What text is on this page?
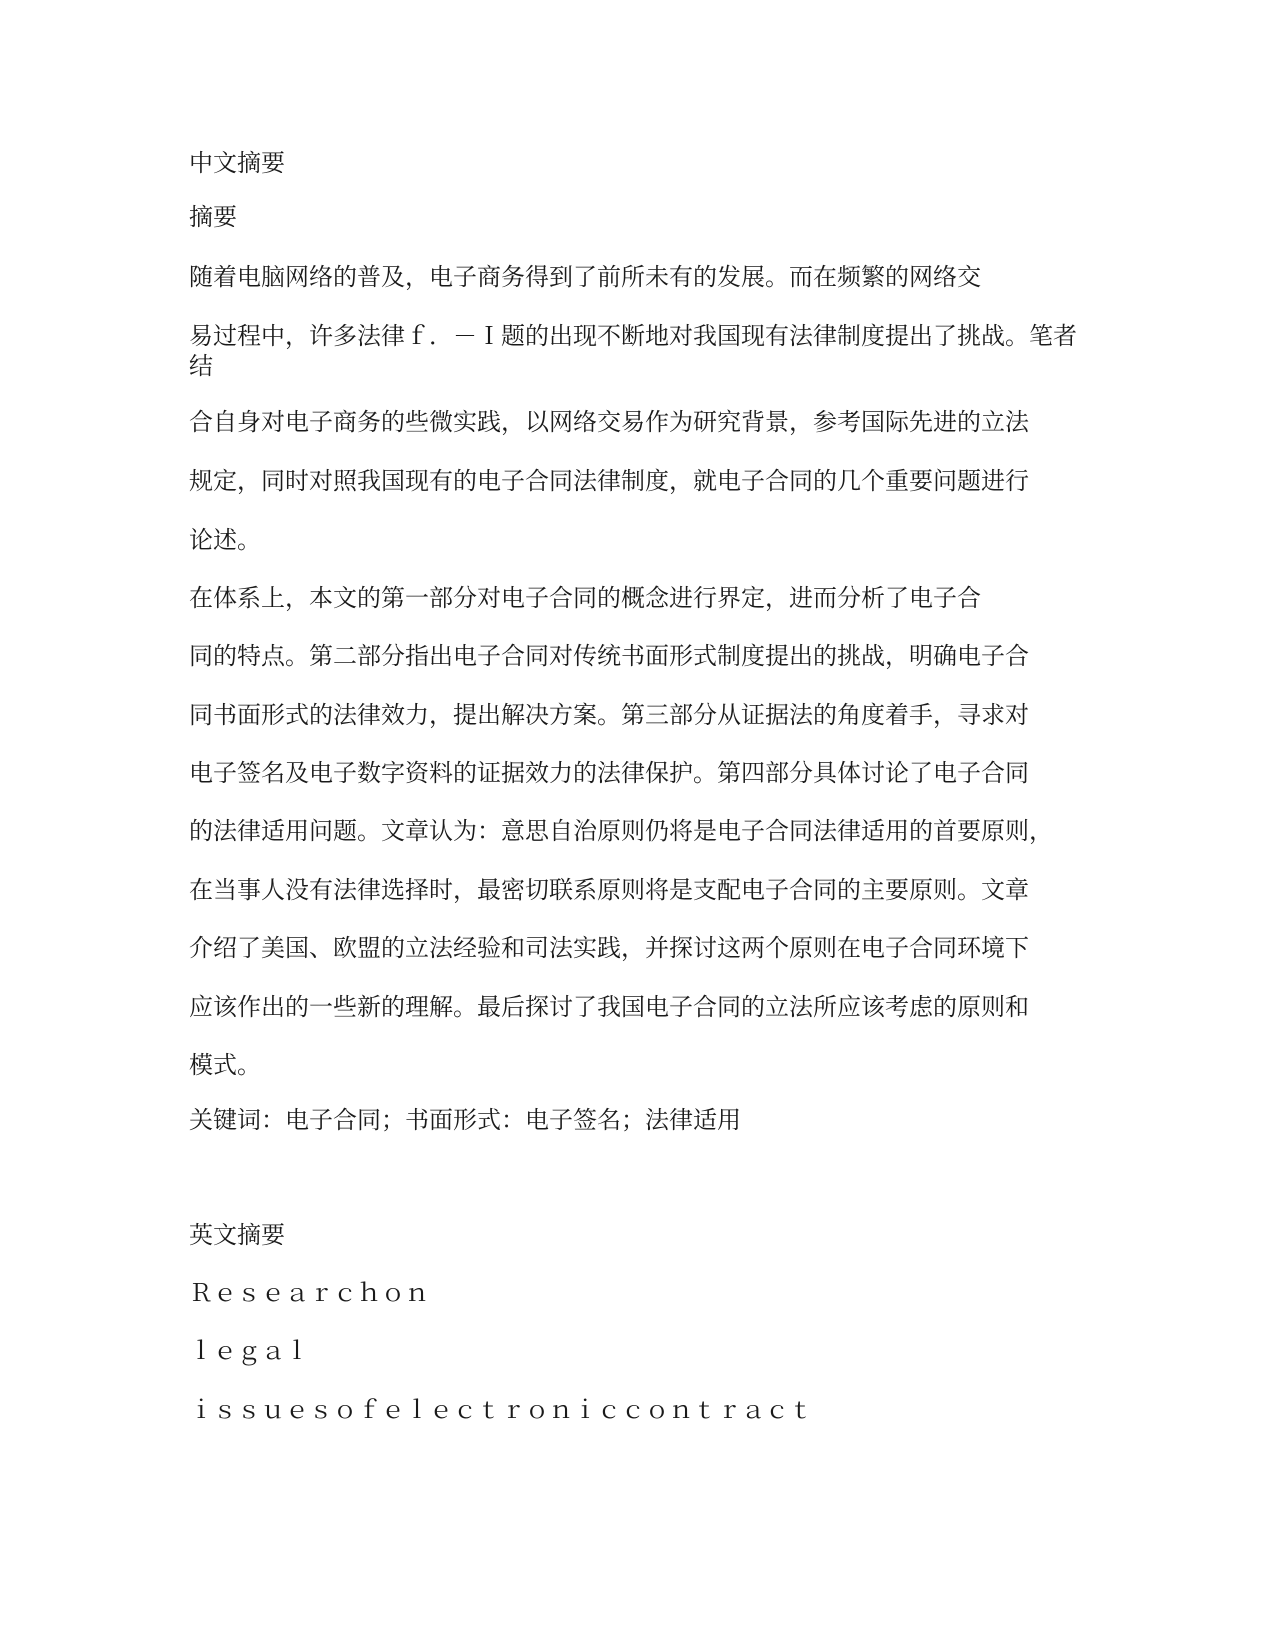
中文摘要
摘要
随着电脑网络的普及，电子商务得到了前所未有的发展。而在频繁的网络交
易过程中，许多法律ｆ．－Ｉ题的出现不断地对我国现有法律制度提出了挑战。笔者结
合自身对电子商务的些微实践，以网络交易作为研究背景，参考国际先进的立法
规定，同时对照我国现有的电子合同法律制度，就电子合同的几个重要问题进行
论述。
在体系上，本文的第一部分对电子合同的概念进行界定，进而分析了电子合
同的特点。第二部分指出电子合同对传统书面形式制度提出的挑战，明确电子合
同书面形式的法律效力，提出解决方案。第三部分从证据法的角度着手，寻求对
电子签名及电子数字资料的证据效力的法律保护。第四部分具体讨论了电子合同
的法律适用问题。文章认为：意思自治原则仍将是电子合同法律适用的首要原则，
在当事人没有法律选择时，最密切联系原则将是支配电子合同的主要原则。文章
介绍了美国、欧盟的立法经验和司法实践，并探讨这两个原则在电子合同环境下
应该作出的一些新的理解。最后探讨了我国电子合同的立法所应该考虑的原则和
模式。
关键词：电子合同；书面形式：电子签名；法律适用
英文摘要
Ｒｅｓｅａｒｃｈｏｎ
ｌｅｇａｌ
ｉｓｓｕｅｓｏｆｅｌｅｃｔｒｏｎｉｃｃｏｎｔｒａｃｔ
